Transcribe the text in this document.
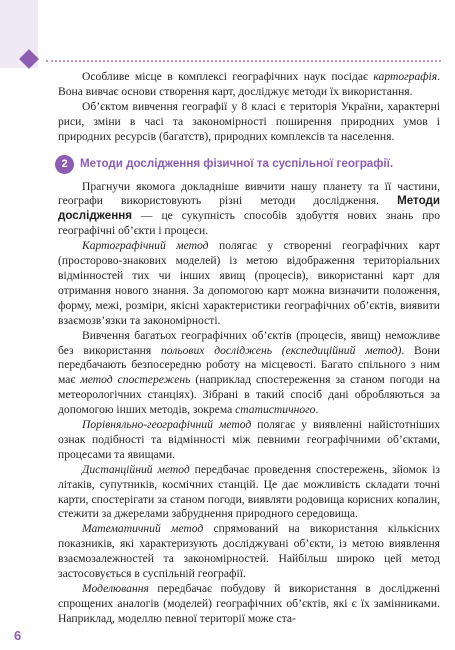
Особливе місце в комплексі географічних наук посідає картографія. Вона вивчає основи створення карт, досліджує методи їх використання.

Об’єктом вивчення географії у 8 класі є територія України, характерні риси, зміни в часі та закономірності поширення природних умов і природних ресурсів (багатств), природних комплексів та населення.

2	Методи дослідження фізичної та суспільної географії.

Прагнучи якомога докладніше вивчити нашу планету та її частини, географи використовують різні методи дослідження. Методи дослідження — це сукупність способів здобуття нових знань про географічні об’єкти і процеси.

Картографічний метод полягає у створенні географічних карт (просторово-знакових моделей) із метою відображення територіальних відмінностей тих чи інших явищ (процесів), використанні карт для отримання нового знання. За допомогою карт можна визначити положення, форму, межі, розміри, якісні характеристики географічних об’єктів, виявити взаємозв’язки та закономірності.

Вивчення багатьох географічних об’єктів (процесів, явищ) неможливе без використання польових досліджень (експедиційний метод). Вони передбачають безпосередню роботу на місцевості. Багато спільного з ним має метод спостережень (наприклад спостереження за станом погоди на метеорологічних станціях). Зібрані в такий спосіб дані обробляються за допомогою інших методів, зокрема статистичного.

Порівняльно-географічний метод полягає у виявленні найістотніших ознак подібності та відмінності між певними географічними об’єктами, процесами та явищами.

Дистанційний метод передбачає проведення спостережень, зйомок із літаків, супутників, космічних станцій. Це дає можливість складати точні карти, спостерігати за станом погоди, виявляти родовища корисних копалин, стежити за джерелами забруднення природного середовища.

Математичний метод спрямований на використання кількісних показників, які характеризують досліджувані об’єкти, із метою виявлення взаємозалежностей та закономірностей. Найбільш широко цей метод застосовується в суспільній географії.

Моделювання передбачає побудову й використання в дослідженні спрощених аналогів (моделей) географічних об’єктів, які є їх замінниками. Наприклад, моделлю певної території може ста-

6
